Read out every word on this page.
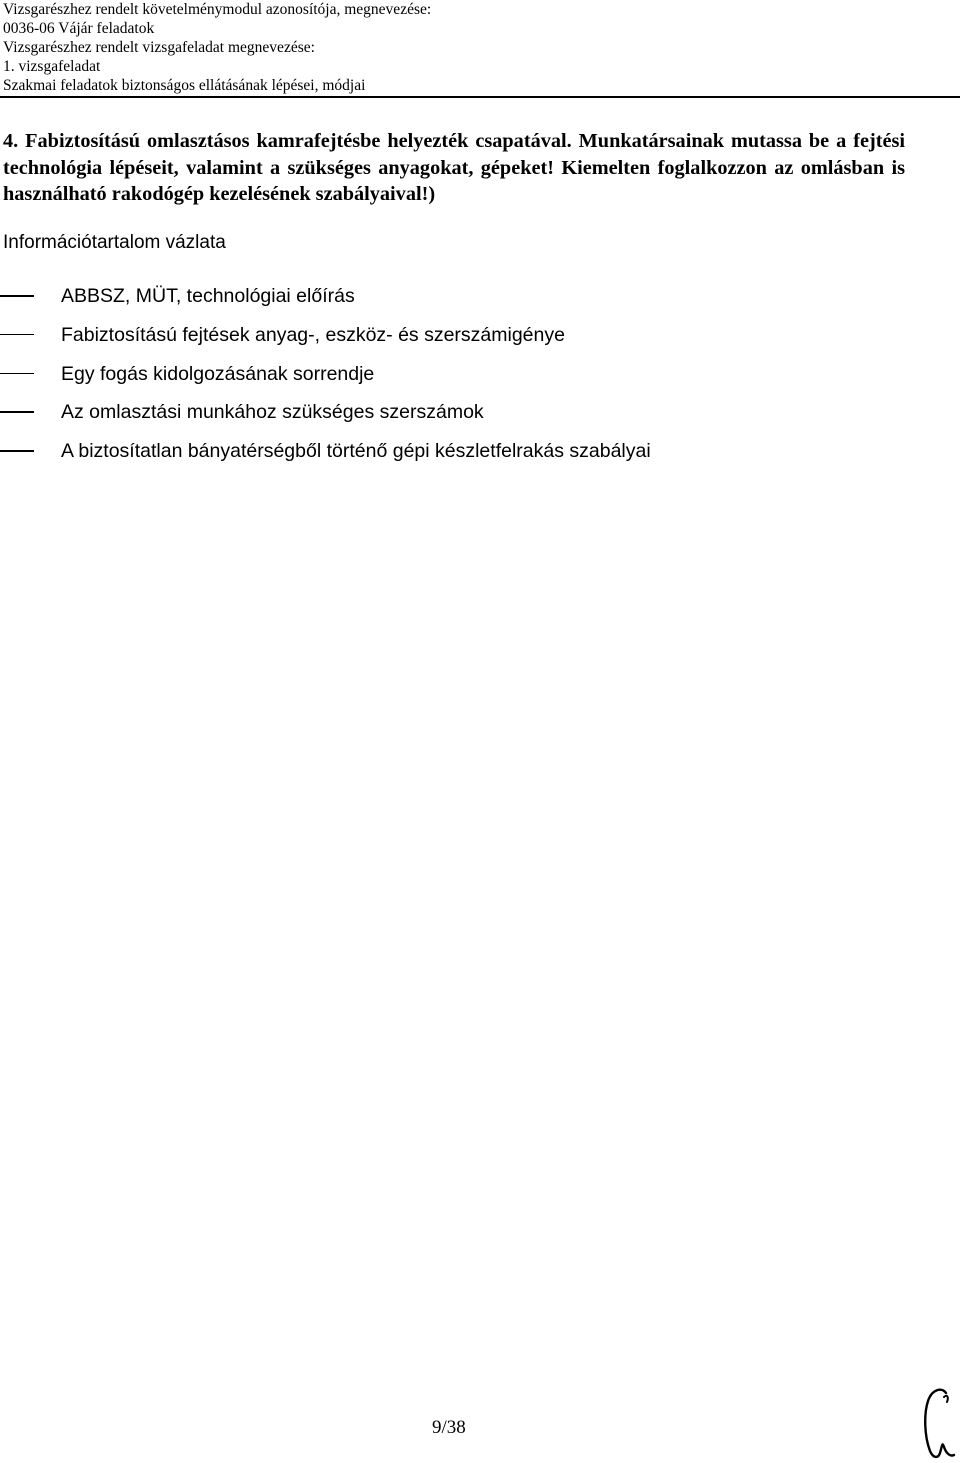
Vizsgarészhez rendelt követelménymodul azonosítója, megnevezése:
0036-06 Vájár feladatok
Vizsgarészhez rendelt vizsgafeladat megnevezése:
1. vizsgafeladat
Szakmai feladatok biztonságos ellátásának lépései, módjai
4. Fabiztosítású omlasztásos kamrafejtésbe helyezték csapatával. Munkatársainak mutassa be a fejtési technológia lépéseit, valamint a szükséges anyagokat, gépeket! Kiemelten foglalkozzon az omlásban is használható rakodógép kezelésének szabályaival!)
Információtartalom vázlata
ABBSZ, MÜT, technológiai előírás
Fabiztosítású fejtések anyag-, eszköz- és szerszámigénye
Egy fogás kidolgozásának sorrendje
Az omlasztási munkához szükséges szerszámok
A biztosítatlan bányatérségből történő gépi készletfelrakás szabályai
9/38
